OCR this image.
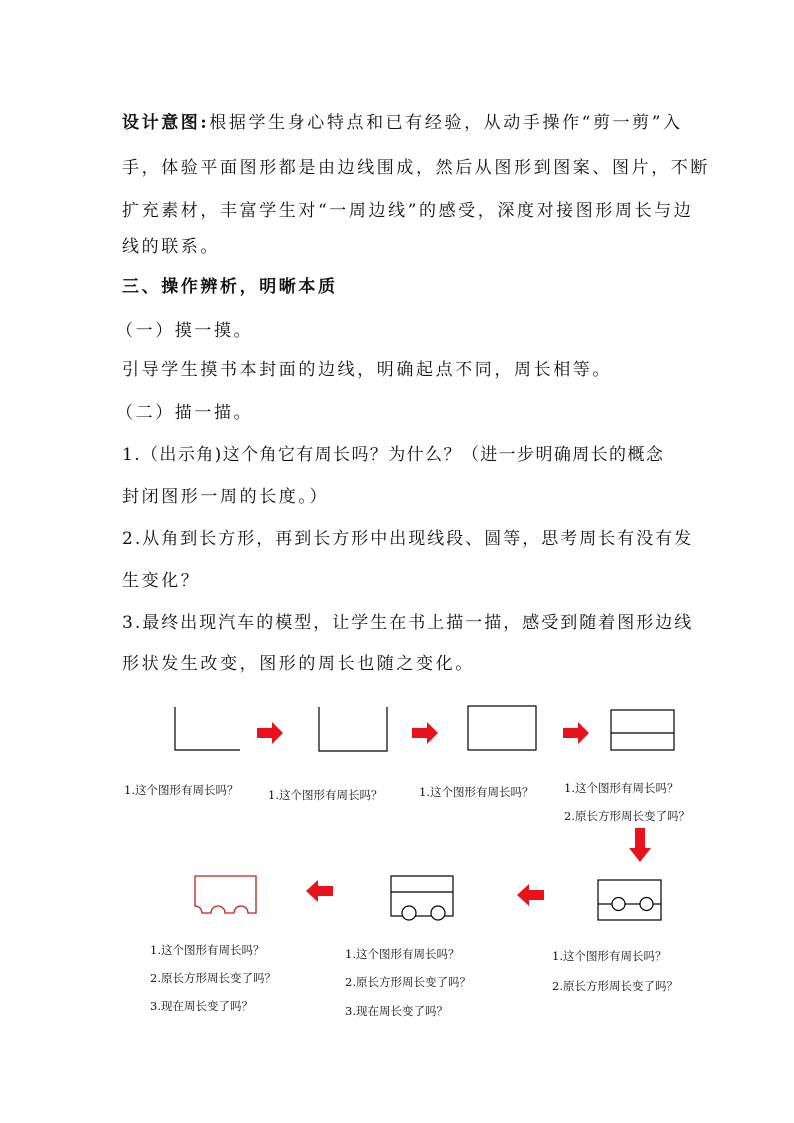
设计意图:根据学生身心特点和已有经验，从动手操作“剪一剪”入
手，体验平面图形都是由边线围成，然后从图形到图案、图片，不断
扩充素材，丰富学生对“一周边线”的感受，深度对接图形周长与边
线的联系。
三、操作辨析，明晰本质
（一）摸一摸。
引导学生摸书本封面的边线，明确起点不同，周长相等。
（二）描一描。
1.（出示角)这个角它有周长吗？为什么？（进一步明确周长的概念
封闭图形一周的长度。）
2.从角到长方形，再到长方形中出现线段、圆等，思考周长有没有发
生变化？
3.最终出现汽车的模型，让学生在书上描一描，感受到随着图形边线
形状发生改变，图形的周长也随之变化。
1.这个图形有周长吗？	1.这个图形有周长吗？	1.这个图形有周长吗？	1.这个图形有周长吗？
2.原长方形周长变了吗？
1.这个图形有周长吗？
2.原长方形周长变了吗？
3.现在周长变了吗？
1.这个图形有周长吗？
2.原长方形周长变了吗？
3.现在周长变了吗？
1.这个图形有周长吗？
2.原长方形周长变了吗？
